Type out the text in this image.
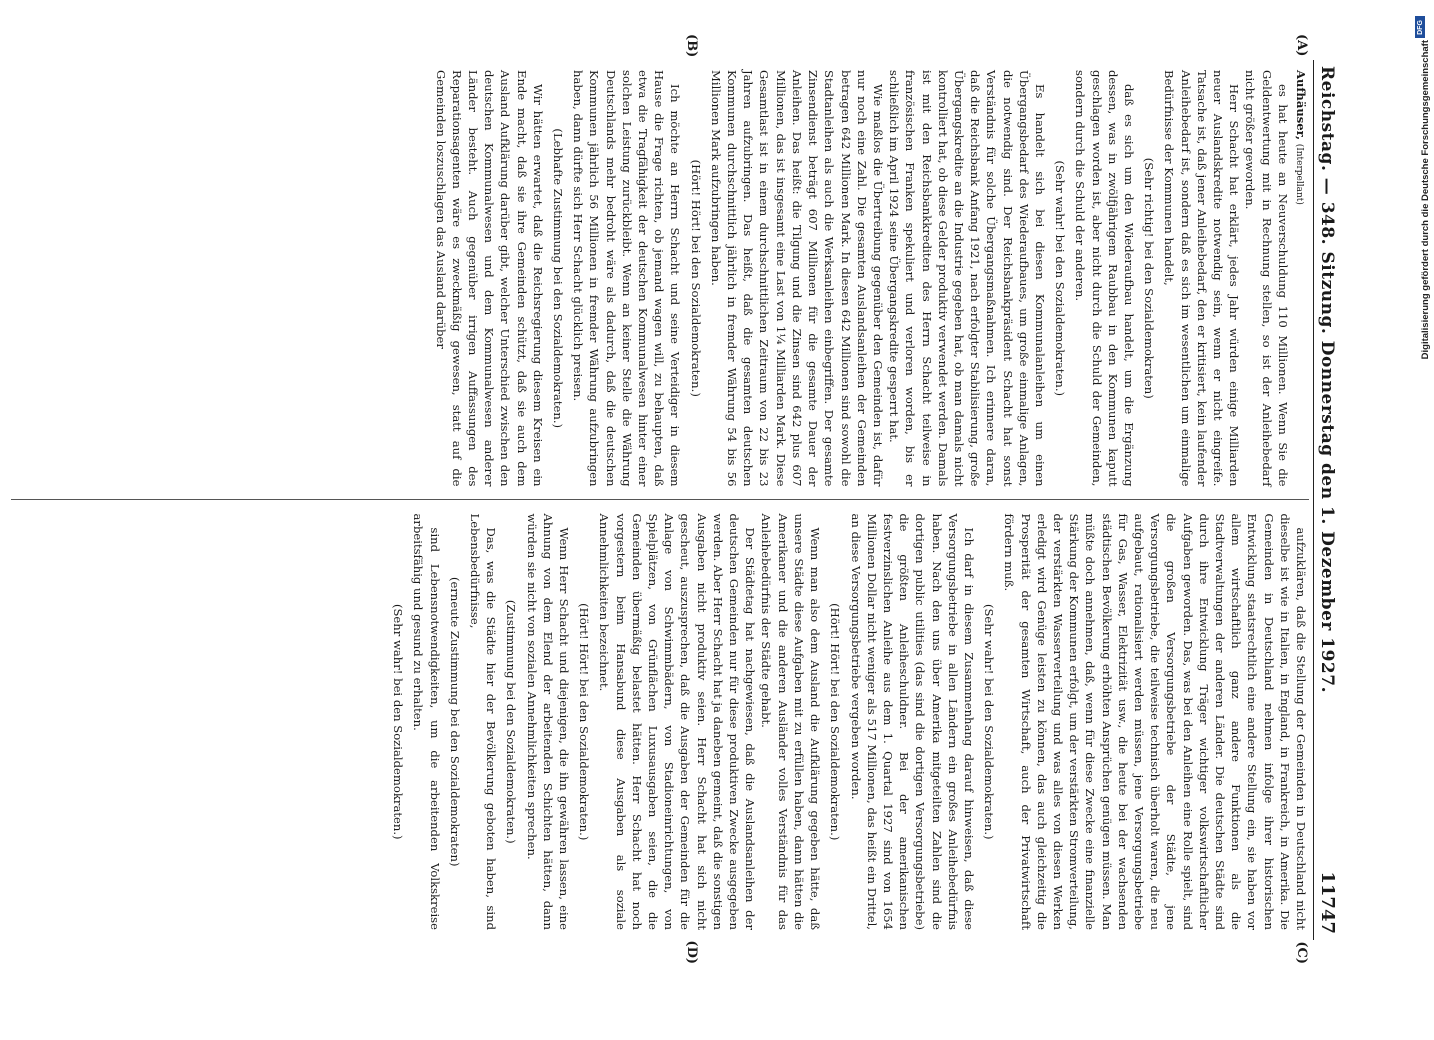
Reichstag. — 348. Sitzung. Donnerstag den 1. Dezember 1927.
11747
(A)
(B)

Aufhäuser, (Interpellant)

es hat heute an Neuverschuldung 110 Millionen. Wenn Sie die Geldentwertung mit in Rechnung stellen, so ist der Anleihebedarf nicht größer geworden.

Herr Schacht hat erklärt, jedes Jahr würden einige Milliarden neuer Auslandskredite notwendig sein, wenn er nicht eingreife. Tatsache ist, daß jener Anleihebedarf, den er kritisiert, kein laufender Anleihebedarf ist, sondern daß es sich im wesentlichen um einmalige Bedürfnisse der Kommunen handelt,

(Sehr richtig! bei den Sozialdemokraten)

daß es sich um den Wiederaufbau handelt, um die Ergänzung dessen, was in zwölfjährigem Raubbau in den Kommunen kaputt geschlagen worden ist, aber nicht durch die Schuld der Gemeinden, sondern durch die Schuld der anderen.

(Sehr wahr! bei den Sozialdemokraten.)

Es handelt sich bei diesen Kommunalanleihen um einen Übergangsbedarf des Wiederaufbaues, um große einmalige Anlagen, die notwendig sind. Der Reichsbankpräsident Schacht hat sonst Verständnis für solche Übergangsmaßnahmen. Ich erinnere daran, daß die Reichsbank Anfang 1921, nach erfolgter Stabilisierung, große Übergangskredite an die Industrie gegeben hat, ob man damals nicht kontrolliert hat, ob diese Gelder produktiv verwendet werden. Damals ist mit den Reichsbankkrediten des Herrn Schacht teilweise in französischen Franken spekuliert und verloren worden, bis er schließlich im April 1924 seine Übergangskredite gesperrt hat.

Wie maßlos die Übertreibung gegenüber den Gemeinden ist, dafür nur noch eine Zahl. Die gesamten Auslandsanleihen der Gemeinden betragen 642 Millionen Mark. In diesen 642 Millionen sind sowohl die Stadtanleihen als auch die Werksanleihen einbegriffen. Der gesamte Zinsendienst beträgt 607 Millionen für die gesamte Dauer der Anleihen. Das heißt: die Tilgung und die Zinsen sind 642 plus 607 Millionen, das ist insgesamt eine Last von 1¼ Milliarden Mark. Diese Gesamtlast ist in einem durchschnittlichen Zeitraum von 22 bis 23 Jahren aufzubringen. Das heißt, daß die gesamten deutschen Kommunen durchschnittlich jährlich in fremder Währung 54 bis 56 Millionen Mark aufzubringen haben.

(Hört! Hört! bei den Sozialdemokraten.)

Ich möchte an Herrn Schacht und seine Verteidiger in diesem Hause die Frage richten, ob jemand wagen will, zu behaupten, daß etwa die Tragfähigkeit der deutschen Kommunalwesen hinter einer solchen Leistung zurückbleibt. Wenn an keiner Stelle die Währung Deutschlands mehr bedroht wäre als dadurch, daß die deutschen Kommunen jährlich 56 Millionen in fremder Währung aufzubringen haben, dann dürfte sich Herr Schacht glücklich preisen.

(Lebhafte Zustimmung bei den Sozialdemokraten.)

Wir hätten erwartet, daß die Reichsregierung diesem Kreisen ein Ende macht, daß sie ihre Gemeinden schützt, daß sie auch dem Ausland Aufklärung darüber gibt, welcher Unterschied zwischen den deutschen Kommunalwesen und dem Kommunalwesen anderer Länder besteht. Auch gegenüber irrigen Auffassungen des Reparationsagenten wäre es zweckmäßig gewesen, statt auf die Gemeinden loszuschlagen das Ausland darüber

(C)
(D)

aufzuklären, daß die Stellung der Gemeinden in Deutschland nicht dieselbe ist wie in Italien, in England, in Frankreich, in Amerika. Die Gemeinden in Deutschland nehmen infolge ihrer historischen Entwicklung staatsrechtlich eine andere Stellung ein, sie haben vor allem wirtschaftlich ganz andere Funktionen als die Stadtverwaltungen der anderen Länder. Die deutschen Städte sind durch ihre Entwicklung Träger wichtiger volkswirtschaftlicher Aufgaben geworden. Das, was bei den Anleihen eine Rolle spielt, sind die großen Versorgungsbetriebe der Städte, jene Versorgungsbetriebe, die teilweise technisch überholt waren, die neu aufgebaut, rationalisiert werden müssen, jene Versorgungsbetriebe für Gas, Wasser, Elektrizität usw., die heute bei der wachsenden städtischen Bevölkerung erhöhten Ansprüchen genügen müssen. Man müßte doch annehmen, daß, wenn für diese Zwecke eine finanzielle Stärkung der Kommunen erfolgt, um der verstärkten Stromverteilung, der verstärkten Wasserverteilung und was alles von diesen Werken erledigt wird Genüge leisten zu können, das auch gleichzeitig die Prosperität der gesamten Wirtschaft, auch der Privatwirtschaft fördern muß.

(Sehr wahr! bei den Sozialdemokraten.)

Ich darf in diesem Zusammenhang darauf hinweisen, daß diese Versorgungsbetriebe in allen Ländern ein großes Anleihebedürfnis haben. Nach den uns über Amerika mitgeteilten Zahlen sind die dortigen public utilities (das sind die dortigen Versorgungsbetriebe) die größten Anleiheschuldner. Bei der amerikanischen festverzinslichen Anleihe aus dem 1. Quartal 1927 sind von 1654 Millionen Dollar nicht weniger als 517 Millionen, das heißt ein Drittel, an diese Versorgungsbetriebe vergeben worden.

(Hört! Hört! bei den Sozialdemokraten.)

Wenn man also dem Ausland die Aufklärung gegeben hätte, daß unsere Städte diese Aufgaben mit zu erfüllen haben, dann hätten die Amerikaner und die anderen Ausländer volles Verständnis für das Anleihebedürfnis der Städte gehabt.

Der Städtetag hat nachgewiesen, daß die Auslandsanleihen der deutschen Gemeinden nur für diese produktiven Zwecke ausgegeben werden. Aber Herr Schacht hat ja daneben gemeint, daß die sonstigen Ausgaben nicht produktiv seien. Herr Schacht hat sich nicht gescheut, auszusprechen, daß die Ausgaben der Gemeinden für die Anlage von Schwimmbädern, von Stadioneinrichtungen, von Spielplätzen, von Grünflächen Luxusausgaben seien, die die Gemeinden übermäßig belastet hätten. Herr Schacht hat noch vorgestern beim Hansabund diese Ausgaben als soziale Annehmlichkeiten bezeichnet.

(Hört! Hört! bei den Sozialdemokraten.)

Wenn Herr Schacht und diejenigen, die ihn gewähren lassen, eine Ahnung von dem Elend der arbeitenden Schichten hätten, dann würden sie nicht von sozialen Annehmlichkeiten sprechen.

(Zustimmung bei den Sozialdemokraten.)

Das, was die Städte hier der Bevölkerung geboten haben, sind Lebensbedürfnisse,

(erneute Zustimmung bei den Sozialdemokraten)

sind Lebensnotwendigkeiten, um die arbeitenden Volkskreise arbeitsfähig und gesund zu erhalten.

(Sehr wahr! bei den Sozialdemokraten.)

DFG
Digitalisierung gefördert durch die Deutsche Forschungsgemeinschaft
